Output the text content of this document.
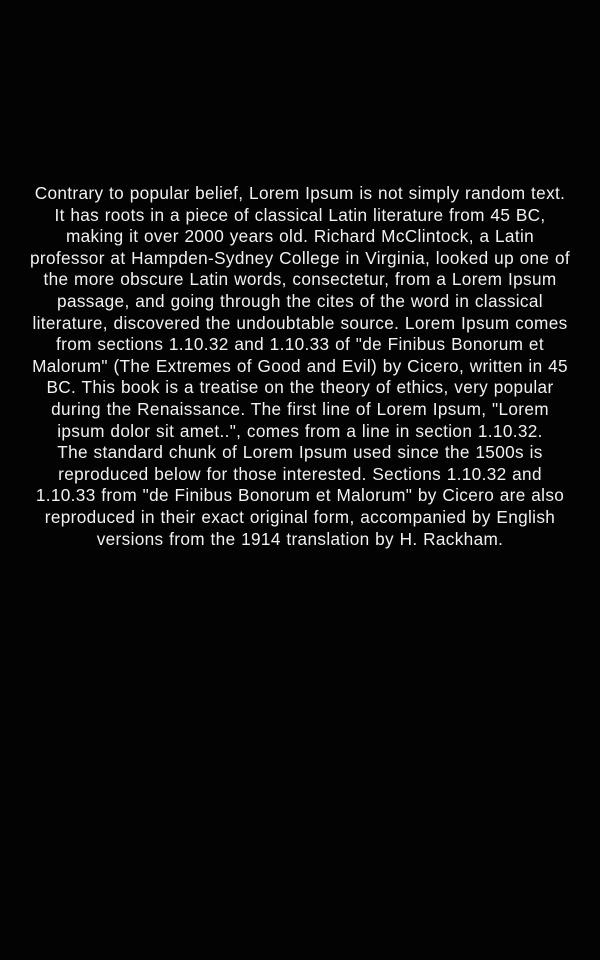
Contrary to popular belief, Lorem Ipsum is not simply random text. It has roots in a piece of classical Latin literature from 45 BC, making it over 2000 years old. Richard McClintock, a Latin professor at Hampden-Sydney College in Virginia, looked up one of the more obscure Latin words, consectetur, from a Lorem Ipsum passage, and going through the cites of the word in classical literature, discovered the undoubtable source. Lorem Ipsum comes from sections 1.10.32 and 1.10.33 of "de Finibus Bonorum et Malorum" (The Extremes of Good and Evil) by Cicero, written in 45 BC. This book is a treatise on the theory of ethics, very popular during the Renaissance. The first line of Lorem Ipsum, "Lorem ipsum dolor sit amet..", comes from a line in section 1.10.32.

The standard chunk of Lorem Ipsum used since the 1500s is reproduced below for those interested. Sections 1.10.32 and 1.10.33 from "de Finibus Bonorum et Malorum" by Cicero are also reproduced in their exact original form, accompanied by English versions from the 1914 translation by H. Rackham.
